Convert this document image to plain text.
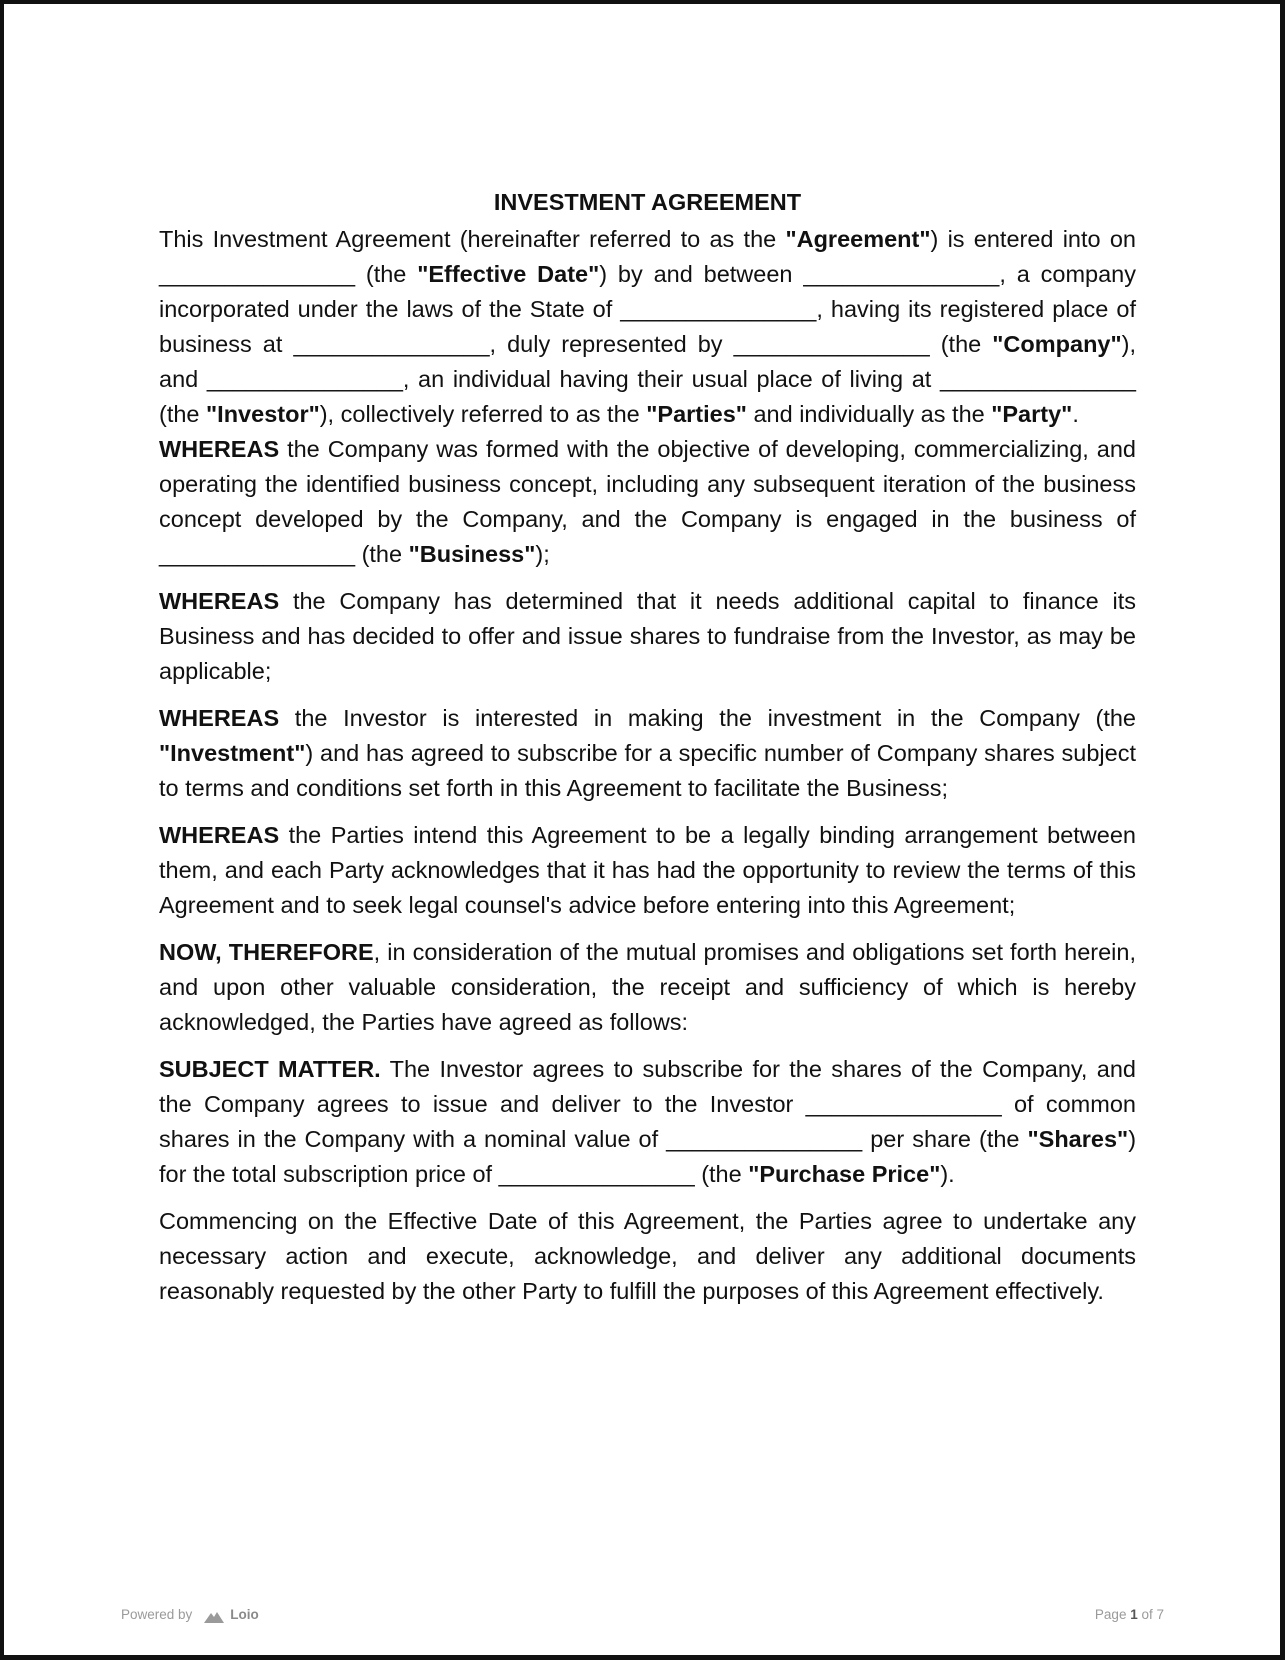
INVESTMENT AGREEMENT

This Investment Agreement (hereinafter referred to as the "Agreement") is entered into on _______________ (the "Effective Date") by and between _______________, a company incorporated under the laws of the State of _______________, having its registered place of business at _______________, duly represented by _______________ (the "Company"), and _______________, an individual having their usual place of living at _______________ (the "Investor"), collectively referred to as the "Parties" and individually as the "Party".

WHEREAS the Company was formed with the objective of developing, commercializing, and operating the identified business concept, including any subsequent iteration of the business concept developed by the Company, and the Company is engaged in the business of _______________ (the "Business");

WHEREAS the Company has determined that it needs additional capital to finance its Business and has decided to offer and issue shares to fundraise from the Investor, as may be applicable;

WHEREAS the Investor is interested in making the investment in the Company (the "Investment") and has agreed to subscribe for a specific number of Company shares subject to terms and conditions set forth in this Agreement to facilitate the Business;

WHEREAS the Parties intend this Agreement to be a legally binding arrangement between them, and each Party acknowledges that it has had the opportunity to review the terms of this Agreement and to seek legal counsel's advice before entering into this Agreement;

NOW, THEREFORE, in consideration of the mutual promises and obligations set forth herein, and upon other valuable consideration, the receipt and sufficiency of which is hereby acknowledged, the Parties have agreed as follows:

SUBJECT MATTER. The Investor agrees to subscribe for the shares of the Company, and the Company agrees to issue and deliver to the Investor _______________ of common shares in the Company with a nominal value of _______________ per share (the "Shares") for the total subscription price of _______________ (the "Purchase Price").

Commencing on the Effective Date of this Agreement, the Parties agree to undertake any necessary action and execute, acknowledge, and deliver any additional documents reasonably requested by the other Party to fulfill the purposes of this Agreement effectively.

Powered by	Loio	Page 1 of 7
